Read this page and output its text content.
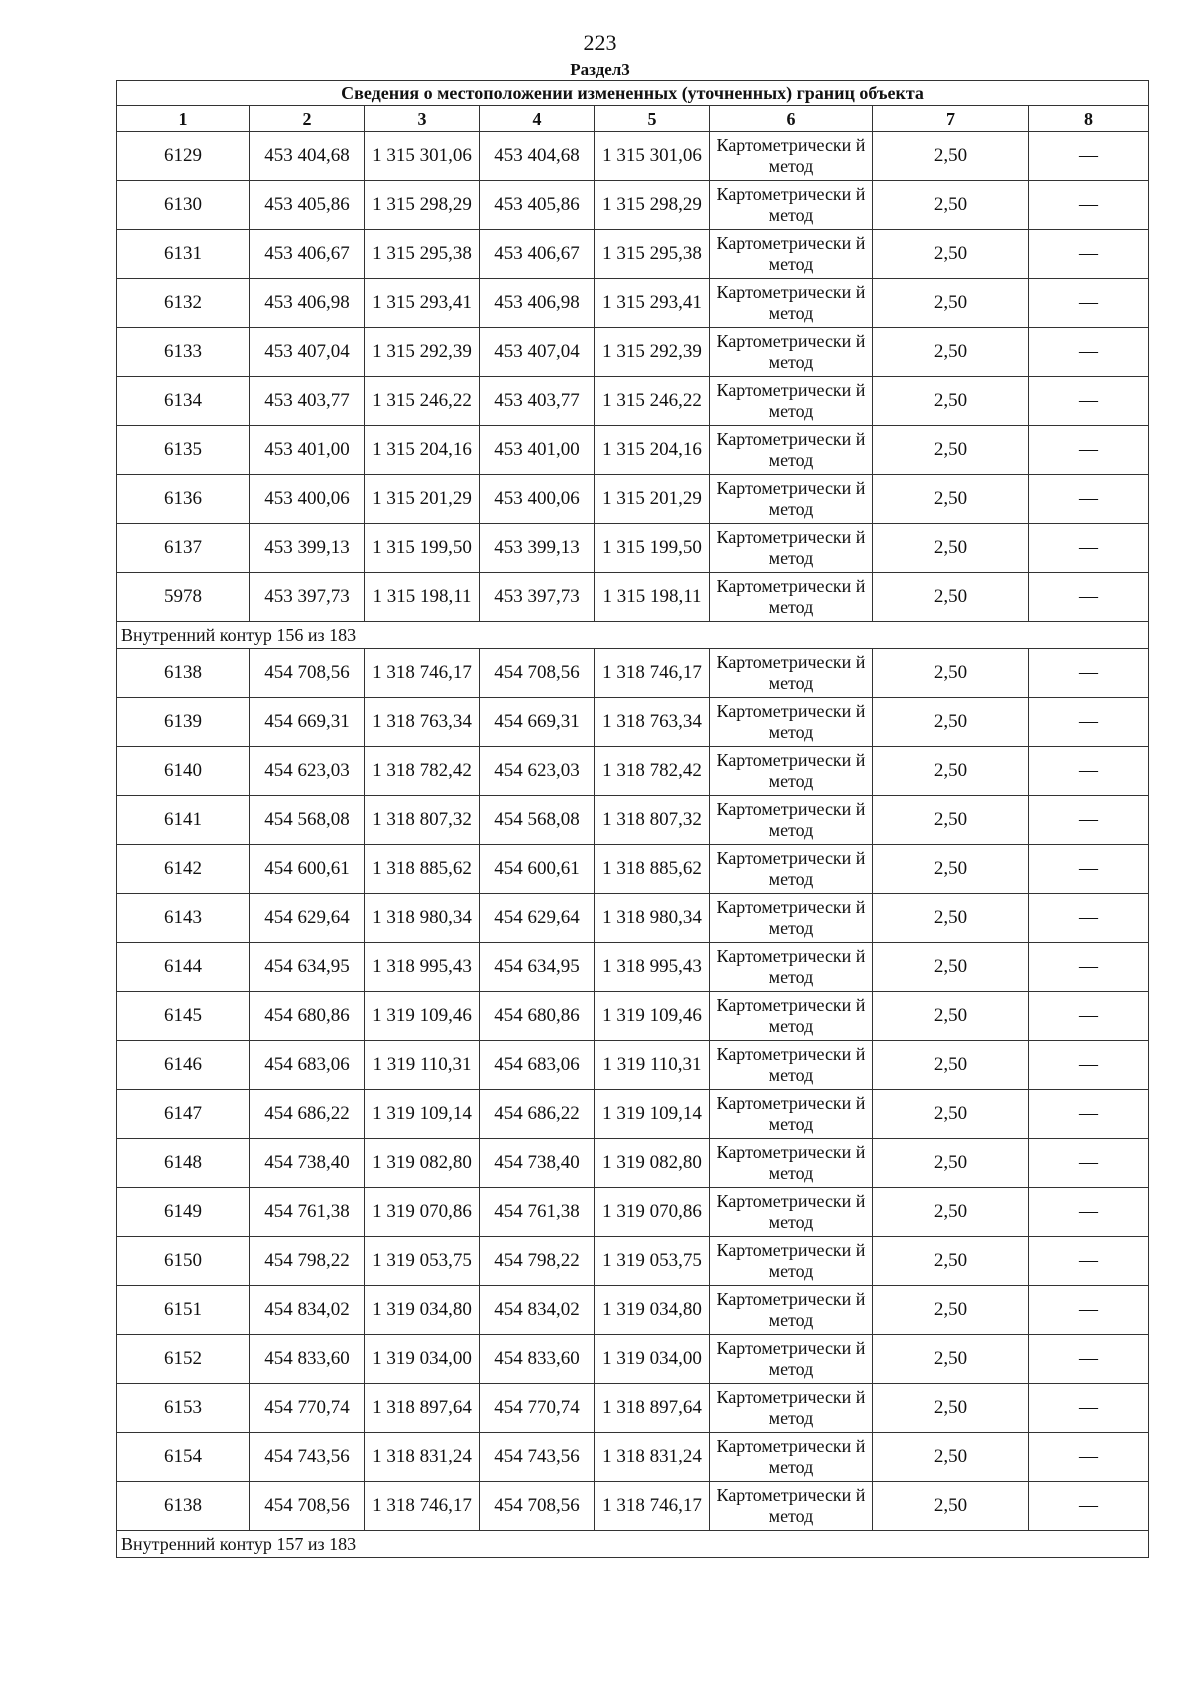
223
Раздел3
Сведения о местоположении измененных (уточненных) границ объекта							
1	2	3	4	5	6	7	8
6129	453 404,68	1 315 301,06	453 404,68	1 315 301,06	Картометрически й метод	2,50	—
6130	453 405,86	1 315 298,29	453 405,86	1 315 298,29	Картометрически й метод	2,50	—
6131	453 406,67	1 315 295,38	453 406,67	1 315 295,38	Картометрически й метод	2,50	—
6132	453 406,98	1 315 293,41	453 406,98	1 315 293,41	Картометрически й метод	2,50	—
6133	453 407,04	1 315 292,39	453 407,04	1 315 292,39	Картометрически й метод	2,50	—
6134	453 403,77	1 315 246,22	453 403,77	1 315 246,22	Картометрически й метод	2,50	—
6135	453 401,00	1 315 204,16	453 401,00	1 315 204,16	Картометрически й метод	2,50	—
6136	453 400,06	1 315 201,29	453 400,06	1 315 201,29	Картометрически й метод	2,50	—
6137	453 399,13	1 315 199,50	453 399,13	1 315 199,50	Картометрически й метод	2,50	—
5978	453 397,73	1 315 198,11	453 397,73	1 315 198,11	Картометрически й метод	2,50	—
Внутренний контур 156 из 183							
6138	454 708,56	1 318 746,17	454 708,56	1 318 746,17	Картометрически й метод	2,50	—
6139	454 669,31	1 318 763,34	454 669,31	1 318 763,34	Картометрически й метод	2,50	—
6140	454 623,03	1 318 782,42	454 623,03	1 318 782,42	Картометрически й метод	2,50	—
6141	454 568,08	1 318 807,32	454 568,08	1 318 807,32	Картометрически й метод	2,50	—
6142	454 600,61	1 318 885,62	454 600,61	1 318 885,62	Картометрически й метод	2,50	—
6143	454 629,64	1 318 980,34	454 629,64	1 318 980,34	Картометрически й метод	2,50	—
6144	454 634,95	1 318 995,43	454 634,95	1 318 995,43	Картометрически й метод	2,50	—
6145	454 680,86	1 319 109,46	454 680,86	1 319 109,46	Картометрически й метод	2,50	—
6146	454 683,06	1 319 110,31	454 683,06	1 319 110,31	Картометрически й метод	2,50	—
6147	454 686,22	1 319 109,14	454 686,22	1 319 109,14	Картометрически й метод	2,50	—
6148	454 738,40	1 319 082,80	454 738,40	1 319 082,80	Картометрически й метод	2,50	—
6149	454 761,38	1 319 070,86	454 761,38	1 319 070,86	Картометрически й метод	2,50	—
6150	454 798,22	1 319 053,75	454 798,22	1 319 053,75	Картометрически й метод	2,50	—
6151	454 834,02	1 319 034,80	454 834,02	1 319 034,80	Картометрически й метод	2,50	—
6152	454 833,60	1 319 034,00	454 833,60	1 319 034,00	Картометрически й метод	2,50	—
6153	454 770,74	1 318 897,64	454 770,74	1 318 897,64	Картометрически й метод	2,50	—
6154	454 743,56	1 318 831,24	454 743,56	1 318 831,24	Картометрически й метод	2,50	—
6138	454 708,56	1 318 746,17	454 708,56	1 318 746,17	Картометрически й метод	2,50	—
Внутренний контур 157 из 183							
